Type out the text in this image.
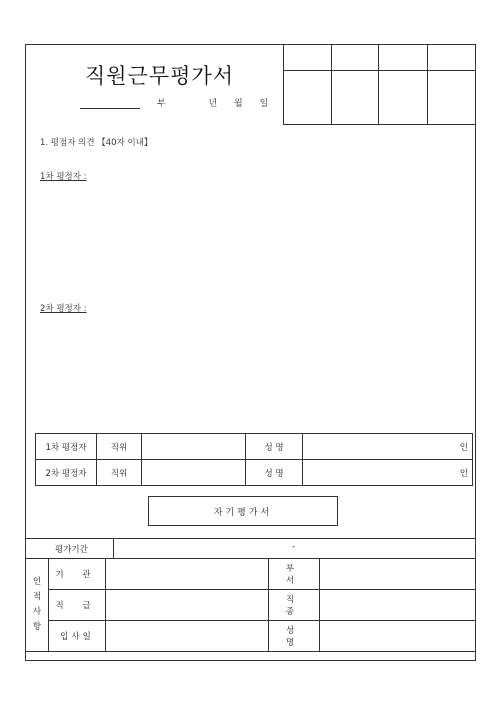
직원근무평가서
부	년 월 일
1. 평점자 의견 【40자 이내】
1차 평정자 :
2차 평정자 :
1차 평정자	직위		성 명	인
2차 평정자	직위		성 명	인
자기평가서
평가기간	-
인
적
사
항	기 관		부 서	
	직 급		직 종	
	입사일		성 명	
